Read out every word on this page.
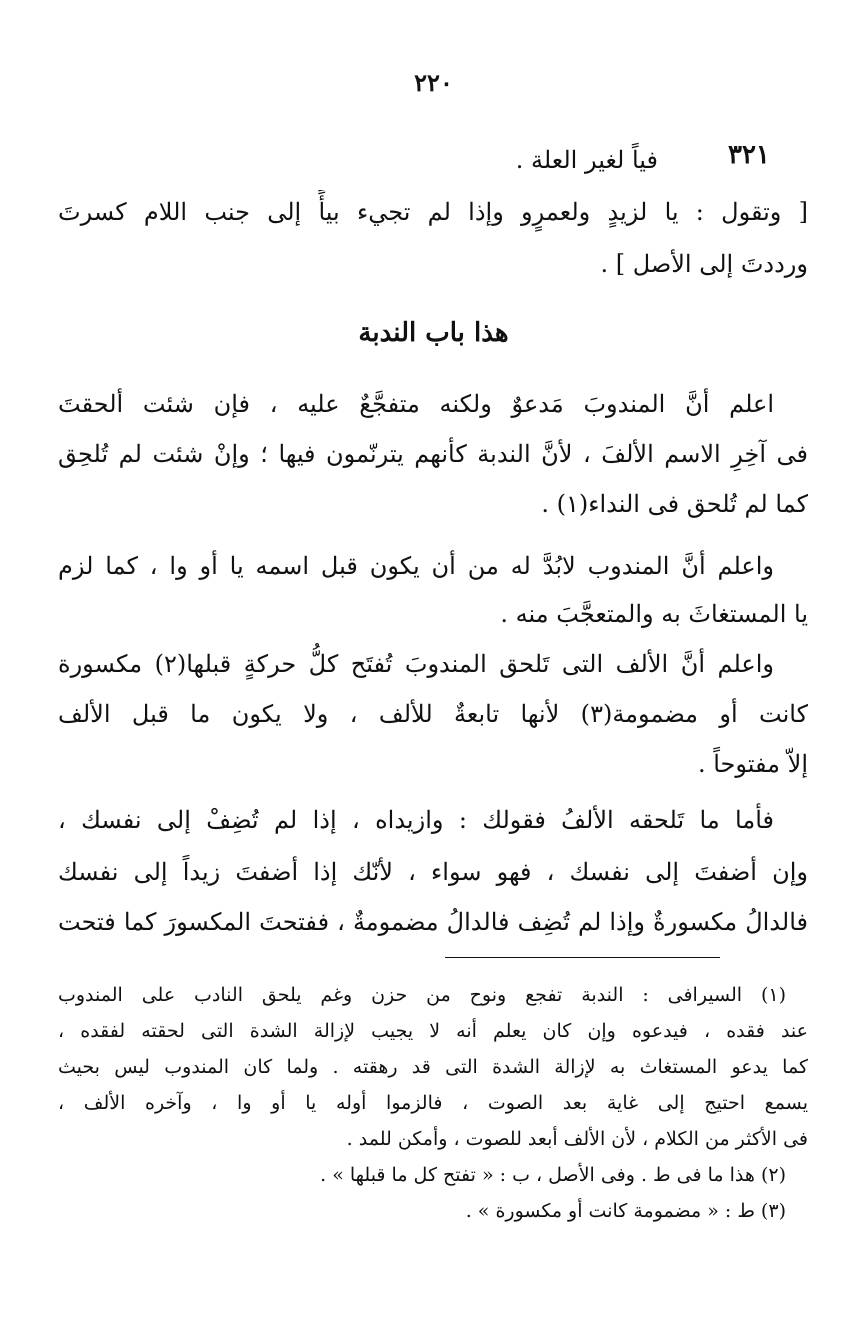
٢٢٠
٣٢١
فياً لغير العلة .
[ وتقول : يا لزيدٍ ولعمرٍو وإذا لم تجيء بيأً إلى جنب اللام كسرتَ
ورددتَ إلى الأصل ] .
هذا باب الندبة
اعلم أنَّ المندوبَ مَدعوٌ ولكنه متفجَّعٌ عليه ، فإن شئت ألحقتَ
فى آخِرِ الاسم الألفَ ، لأنَّ الندبة كأنهم يترنّمون فيها ؛ وإنْ شئت لم تُلحِق
كما لم تُلحق فى النداء(١) .
واعلم أنَّ المندوب لابُدَّ له من أن يكون قبل اسمه يا أو وا ، كما لزم
يا المستغاثَ به والمتعجَّبَ منه .
واعلم أنَّ الألف التى تَلحق المندوبَ تُفتَح كلُّ حركةٍ قبلها(٢) مكسورة
كانت أو مضمومة(٣) لأنها تابعةٌ للألف ، ولا يكون ما قبل الألف
إلاّ مفتوحاً .
فأما ما تَلحقه الألفُ فقولك : وازيداه ، إذا لم تُضِفْ إلى نفسك ،
وإن أضفتَ إلى نفسك ، فهو سواء ، لأنّك إذا أضفتَ زيداً إلى نفسك
فالدالُ مكسورةٌ وإذا لم تُضِف فالدالُ مضمومةٌ ، ففتحتَ المكسورَ كما فتحت
(١) السيرافى : الندبة تفجع ونوح من حزن وغم يلحق النادب على المندوب
عند فقده ، فيدعوه وإن كان يعلم أنه لا يجيب لإزالة الشدة التى لحقته لفقده ،
كما يدعو المستغاث به لإزالة الشدة التى قد رهقته . ولما كان المندوب ليس بحيث
يسمع احتيج إلى غاية بعد الصوت ، فالزموا أوله يا أو وا ، وآخره الألف ،
فى الأكثر من الكلام ، لأن الألف أبعد للصوت ، وأمكن للمد .
(٢) هذا ما فى ط . وفى الأصل ، ب : « تفتح كل ما قبلها » .
(٣) ط : « مضمومة كانت أو مكسورة » .
